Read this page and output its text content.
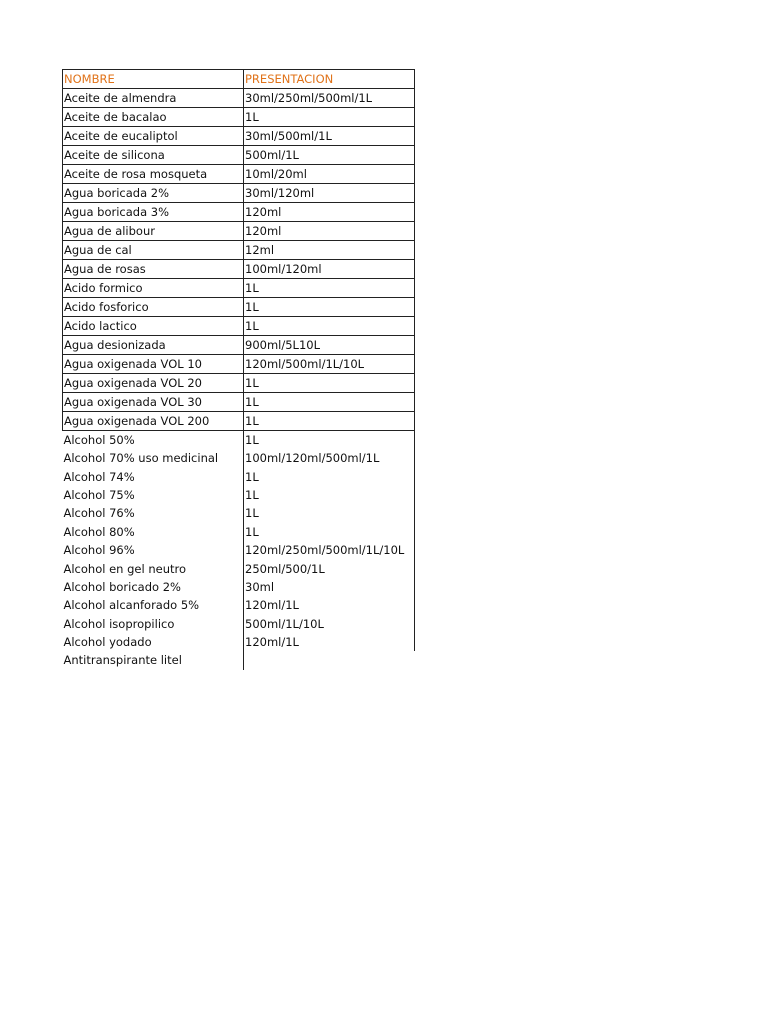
NOMBRE	PRESENTACION
Aceite de almendra	30ml/250ml/500ml/1L
Aceite de bacalao	1L
Aceite de eucaliptol	30ml/500ml/1L
Aceite de silicona	500ml/1L
Aceite de rosa mosqueta	10ml/20ml
Agua boricada 2%	30ml/120ml
Agua boricada 3%	120ml
Agua de alibour	120ml
Agua de cal	12ml
Agua de rosas	100ml/120ml
Acido formico	1L
Acido fosforico	1L
Acido lactico	1L
Agua desionizada	900ml/5L10L
Agua oxigenada VOL 10	120ml/500ml/1L/10L
Agua oxigenada VOL 20	1L
Agua oxigenada VOL 30	1L
Agua oxigenada VOL 200	1L
Alcohol 50%	1L
Alcohol 70% uso medicinal	100ml/120ml/500ml/1L
Alcohol 74%	1L
Alcohol 75%	1L
Alcohol 76%	1L
Alcohol 80%	1L
Alcohol 96%	120ml/250ml/500ml/1L/10L
Alcohol en gel neutro	250ml/500/1L
Alcohol boricado 2%	30ml
Alcohol alcanforado 5%	120ml/1L
Alcohol isopropilico	500ml/1L/10L
Alcohol yodado	120ml/1L
Antitranspirante litel	
